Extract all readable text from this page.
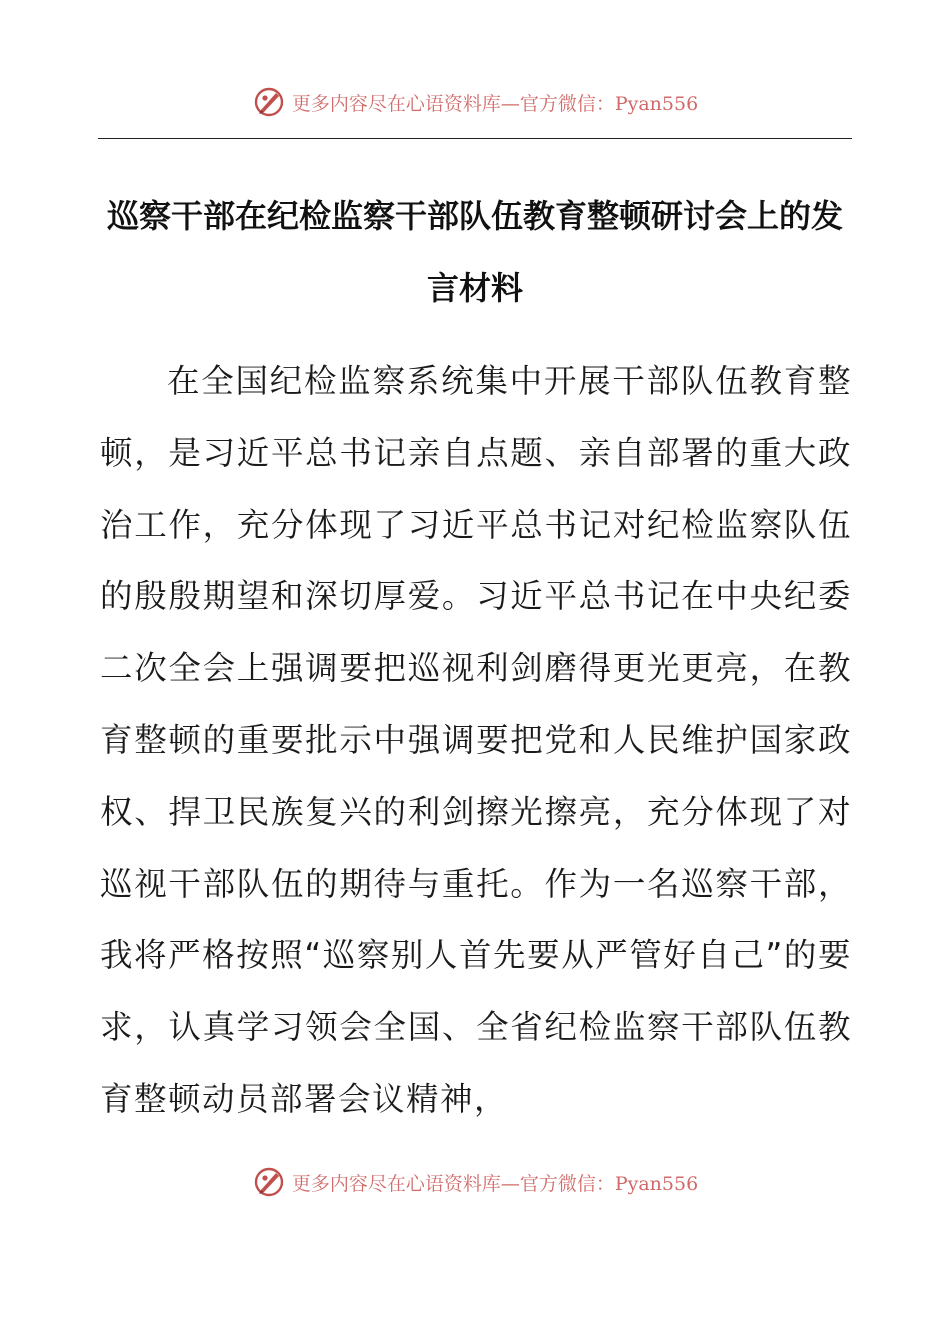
更多内容尽在心语资料库—官方微信：Pyan556
巡察干部在纪检监察干部队伍教育整顿研讨会上的发言材料

在全国纪检监察系统集中开展干部队伍教育整顿，是习近平总书记亲自点题、亲自部署的重大政治工作，充分体现了习近平总书记对纪检监察队伍的殷殷期望和深切厚爱。习近平总书记在中央纪委二次全会上强调要把巡视利剑磨得更光更亮，在教育整顿的重要批示中强调要把党和人民维护国家政权、捍卫民族复兴的利剑擦光擦亮，充分体现了对巡视干部队伍的期待与重托。作为一名巡察干部，我将严格按照“巡察别人首先要从严管好自己”的要求，认真学习领会全国、全省纪检监察干部队伍教育整顿动员部署会议精神，

更多内容尽在心语资料库—官方微信：Pyan556
